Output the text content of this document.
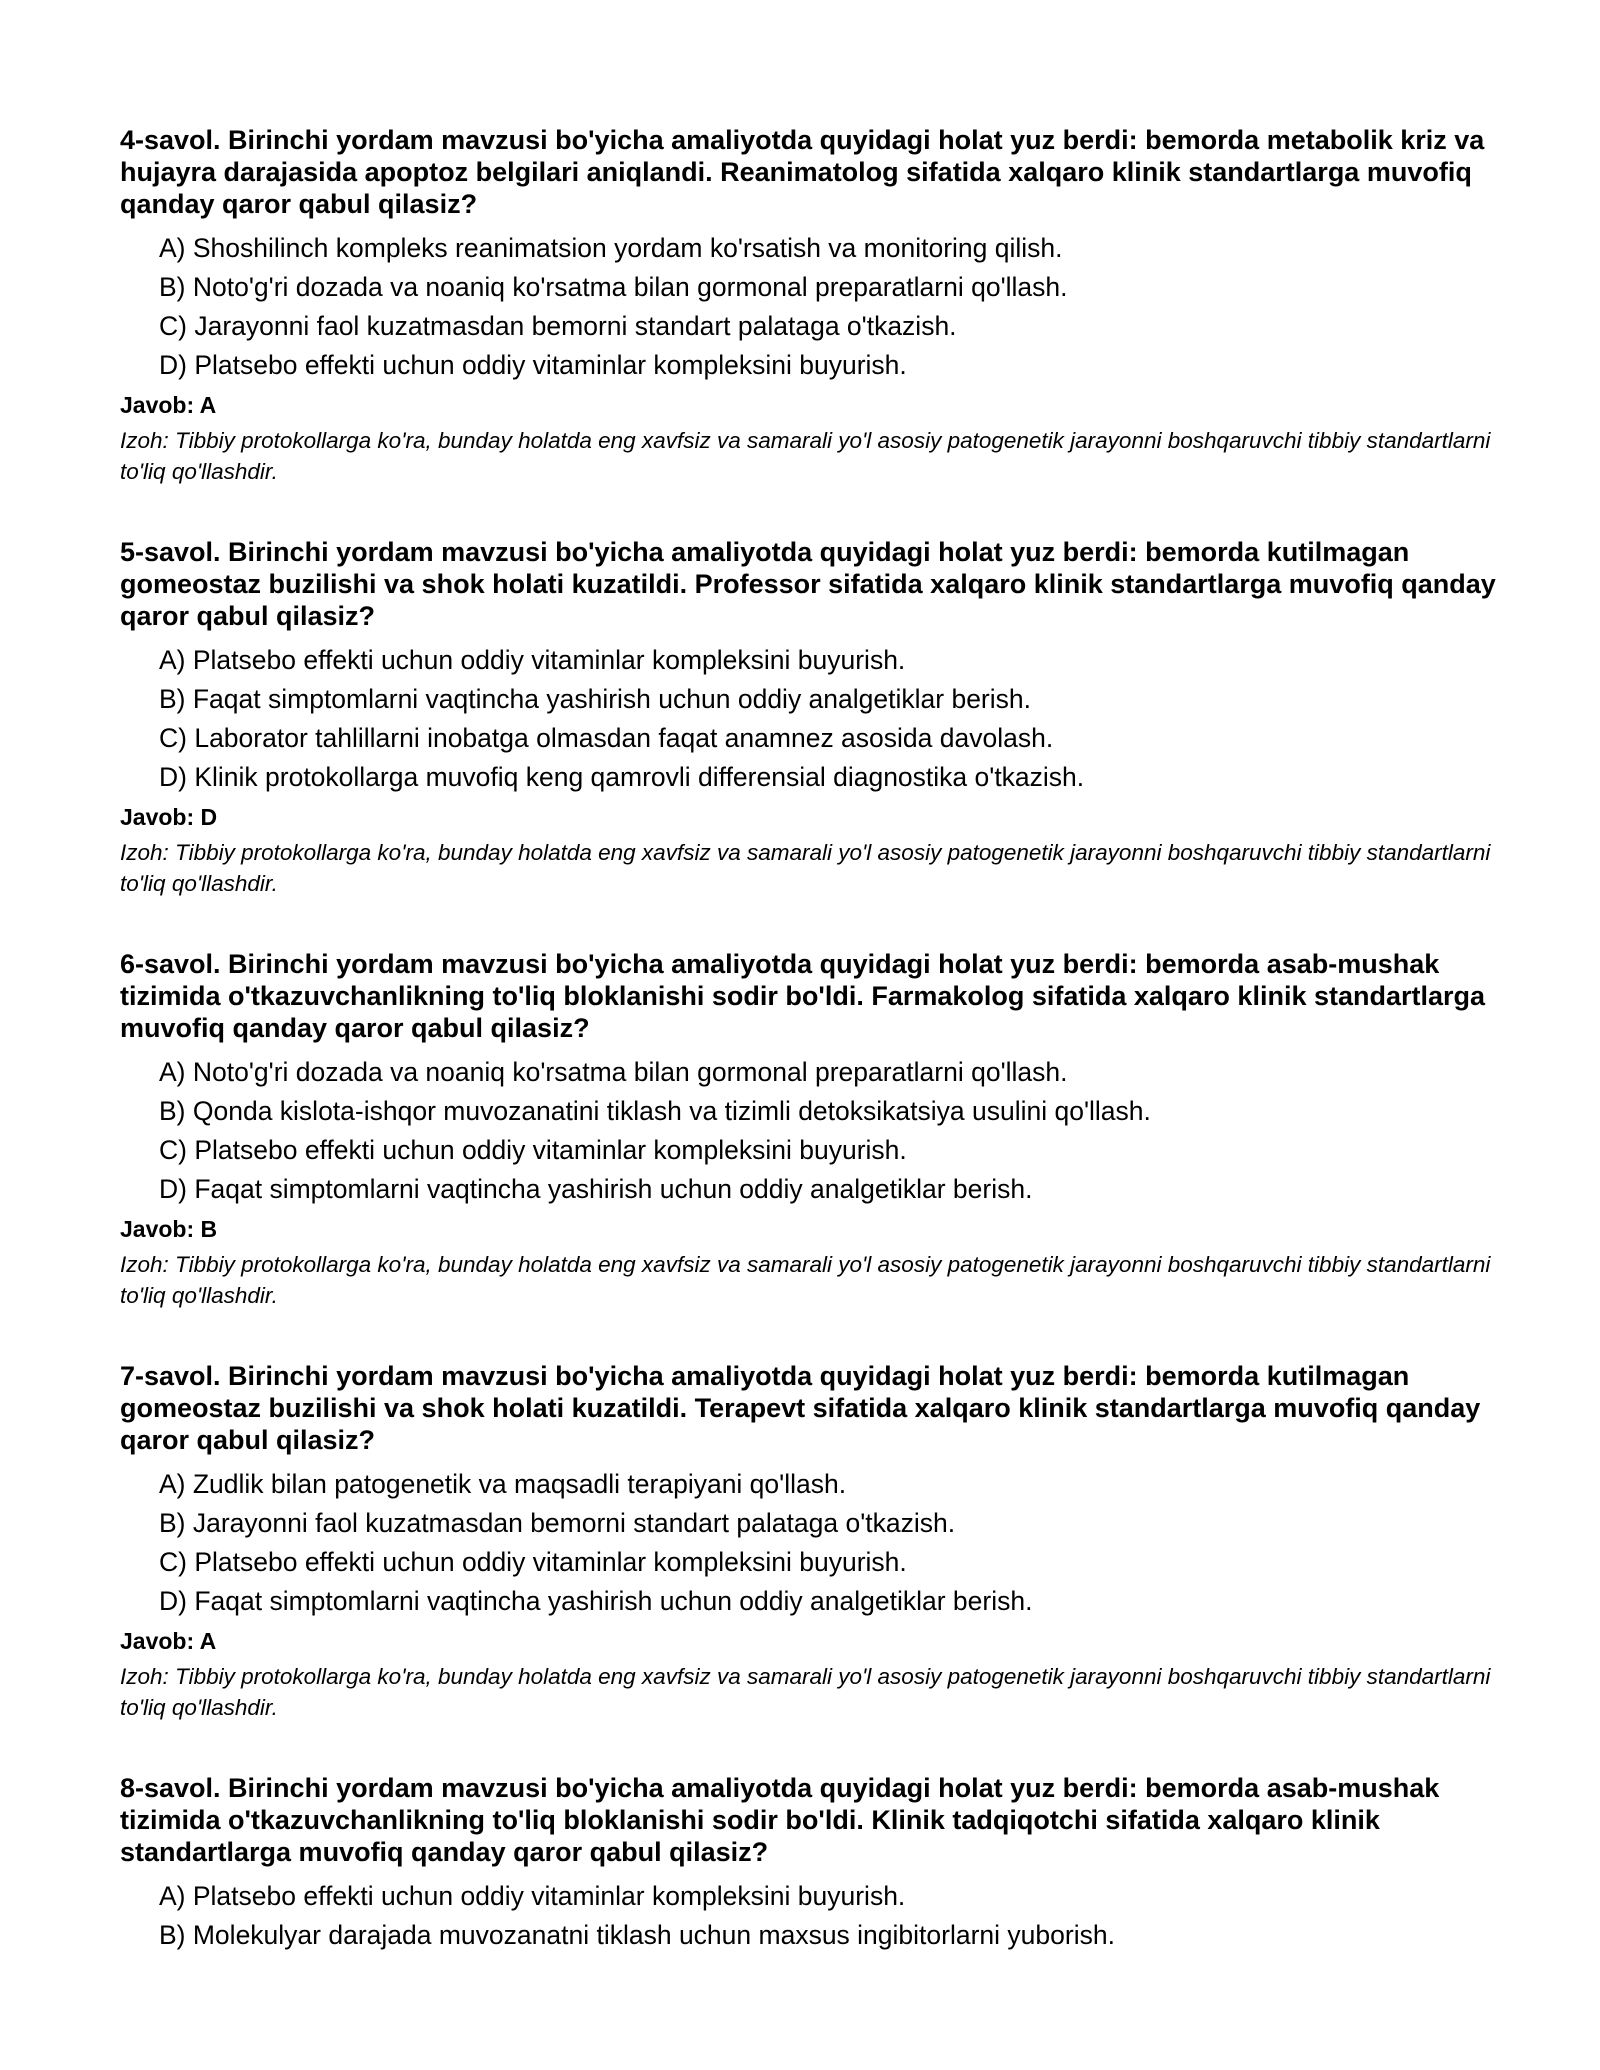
4-savol. Birinchi yordam mavzusi bo'yicha amaliyotda quyidagi holat yuz berdi: bemorda metabolik kriz va hujayra darajasida apoptoz belgilari aniqlandi. Reanimatolog sifatida xalqaro klinik standartlarga muvofiq qanday qaror qabul qilasiz?
A) Shoshilinch kompleks reanimatsion yordam ko'rsatish va monitoring qilish.
B) Noto'g'ri dozada va noaniq ko'rsatma bilan gormonal preparatlarni qo'llash.
C) Jarayonni faol kuzatmasdan bemorni standart palataga o'tkazish.
D) Platsebo effekti uchun oddiy vitaminlar kompleksini buyurish.
Javob: A
Izoh: Tibbiy protokollarga ko'ra, bunday holatda eng xavfsiz va samarali yo'l asosiy patogenetik jarayonni boshqaruvchi tibbiy standartlarni to'liq qo'llashdir.
5-savol. Birinchi yordam mavzusi bo'yicha amaliyotda quyidagi holat yuz berdi: bemorda kutilmagan gomeostaz buzilishi va shok holati kuzatildi. Professor sifatida xalqaro klinik standartlarga muvofiq qanday qaror qabul qilasiz?
A) Platsebo effekti uchun oddiy vitaminlar kompleksini buyurish.
B) Faqat simptomlarni vaqtincha yashirish uchun oddiy analgetiklar berish.
C) Laborator tahlillarni inobatga olmasdan faqat anamnez asosida davolash.
D) Klinik protokollarga muvofiq keng qamrovli differensial diagnostika o'tkazish.
Javob: D
Izoh: Tibbiy protokollarga ko'ra, bunday holatda eng xavfsiz va samarali yo'l asosiy patogenetik jarayonni boshqaruvchi tibbiy standartlarni to'liq qo'llashdir.
6-savol. Birinchi yordam mavzusi bo'yicha amaliyotda quyidagi holat yuz berdi: bemorda asab-mushak tizimida o'tkazuvchanlikning to'liq bloklanishi sodir bo'ldi. Farmakolog sifatida xalqaro klinik standartlarga muvofiq qanday qaror qabul qilasiz?
A) Noto'g'ri dozada va noaniq ko'rsatma bilan gormonal preparatlarni qo'llash.
B) Qonda kislota-ishqor muvozanatini tiklash va tizimli detoksikatsiya usulini qo'llash.
C) Platsebo effekti uchun oddiy vitaminlar kompleksini buyurish.
D) Faqat simptomlarni vaqtincha yashirish uchun oddiy analgetiklar berish.
Javob: B
Izoh: Tibbiy protokollarga ko'ra, bunday holatda eng xavfsiz va samarali yo'l asosiy patogenetik jarayonni boshqaruvchi tibbiy standartlarni to'liq qo'llashdir.
7-savol. Birinchi yordam mavzusi bo'yicha amaliyotda quyidagi holat yuz berdi: bemorda kutilmagan gomeostaz buzilishi va shok holati kuzatildi. Terapevt sifatida xalqaro klinik standartlarga muvofiq qanday qaror qabul qilasiz?
A) Zudlik bilan patogenetik va maqsadli terapiyani qo'llash.
B) Jarayonni faol kuzatmasdan bemorni standart palataga o'tkazish.
C) Platsebo effekti uchun oddiy vitaminlar kompleksini buyurish.
D) Faqat simptomlarni vaqtincha yashirish uchun oddiy analgetiklar berish.
Javob: A
Izoh: Tibbiy protokollarga ko'ra, bunday holatda eng xavfsiz va samarali yo'l asosiy patogenetik jarayonni boshqaruvchi tibbiy standartlarni to'liq qo'llashdir.
8-savol. Birinchi yordam mavzusi bo'yicha amaliyotda quyidagi holat yuz berdi: bemorda asab-mushak tizimida o'tkazuvchanlikning to'liq bloklanishi sodir bo'ldi. Klinik tadqiqotchi sifatida xalqaro klinik standartlarga muvofiq qanday qaror qabul qilasiz?
A) Platsebo effekti uchun oddiy vitaminlar kompleksini buyurish.
B) Molekulyar darajada muvozanatni tiklash uchun maxsus ingibitorlarni yuborish.
